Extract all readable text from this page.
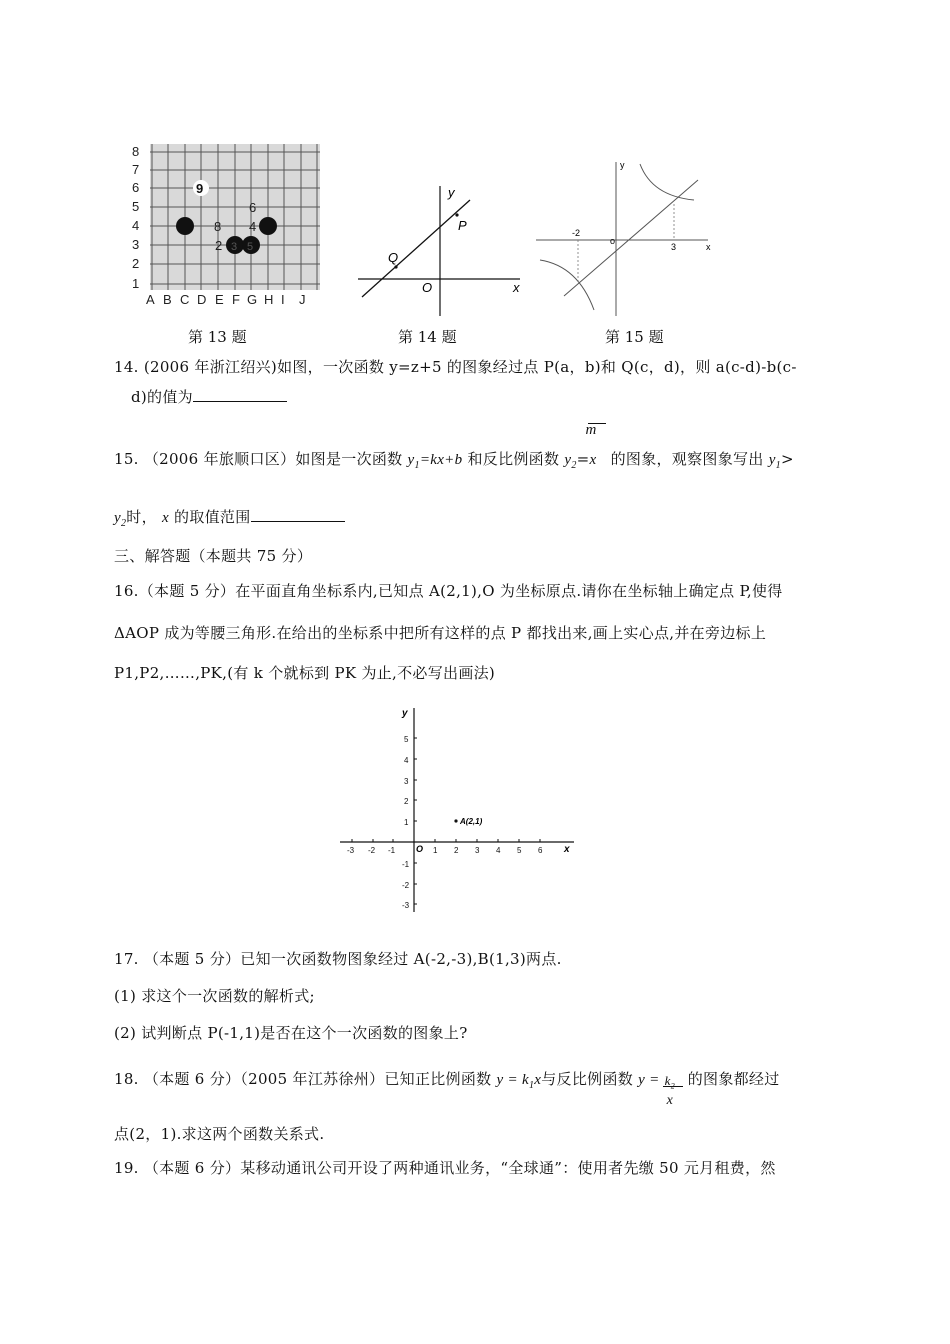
8
7
6
5
4
3
2
1
A B C D E F G H I J
9
8
6
4
2 3 5
第 13 题
y
x
P
Q
O
第 14 题
y
x
o
-2
3
第 15 题
14. (2006 年浙江绍兴)如图，一次函数 y=z+5 的图象经过点 P(a，b)和 Q(c，d)，则 a(c-d)-b(c-
d)的值为
15. （2006 年旅顺口区）如图是一次函数 $y_1=kx+b$ 和反比例函数 $y_2= \frac{m}{x}$ 的图象，观察图象写出 $y_1>$
$y_2$时， x 的取值范围
三、解答题（本题共 75 分）
16.（本题 5 分）在平面直角坐标系内,已知点 A(2,1),O 为坐标原点.请你在坐标轴上确定点 P,使得
ΔAOP 成为等腰三角形.在给出的坐标系中把所有这样的点 P 都找出来,画上实心点,并在旁边标上
P1,P2,……,PK,(有 k 个就标到 PK 为止,不必写出画法)
5
4
3
2
1
-1
-2
-3
-3 -2 -1	1 2 3 4 5 6
y
x
O
A(2,1)
17. （本题 5 分）已知一次函数物图象经过 A(-2,-3),B(1,3)两点.
(1) 求这个一次函数的解析式;
(2) 试判断点 P(-1,1)是否在这个一次函数的图象上?
18. （本题 6 分）（2005 年江苏徐州）已知正比例函数 $y = k_1x$与反比例函数 $y = k_2$
x
的图象都经过
点(2，1).求这两个函数关系式.
19. （本题 6 分）某移动通讯公司开设了两种通讯业务，“全球通”：使用者先缴 50 元月租费，然
